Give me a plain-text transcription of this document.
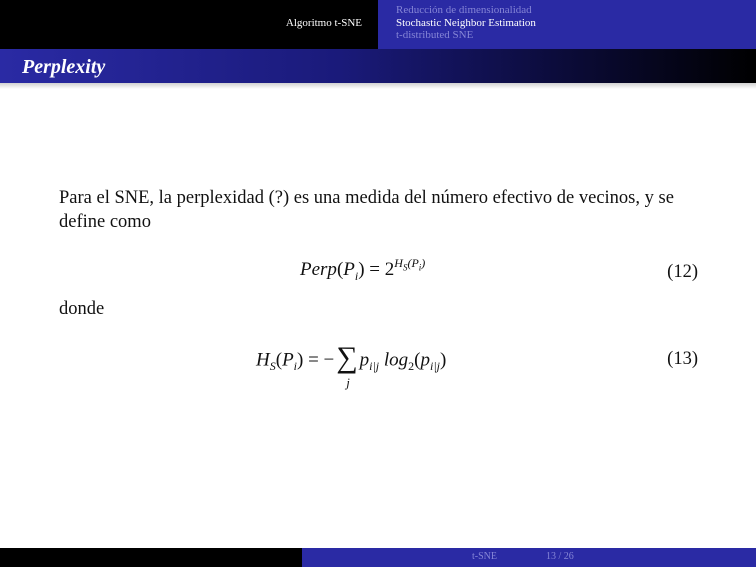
Algoritmo t-SNE
Reducción de dimensionalidad
Stochastic Neighbor Estimation
t-distributed SNE
Perplexity

Para el SNE, la perplexidad (?) es una medida del número efectivo de vecinos, y se define como

$Perp(P_i) = 2^{H_S(P_i)}$	(12)

donde

$H_S(P_i)$ = −∑
j
$p_{i|j}$ $\log_2(p_{i|j})$	(13)
t-SNE	13 / 26
